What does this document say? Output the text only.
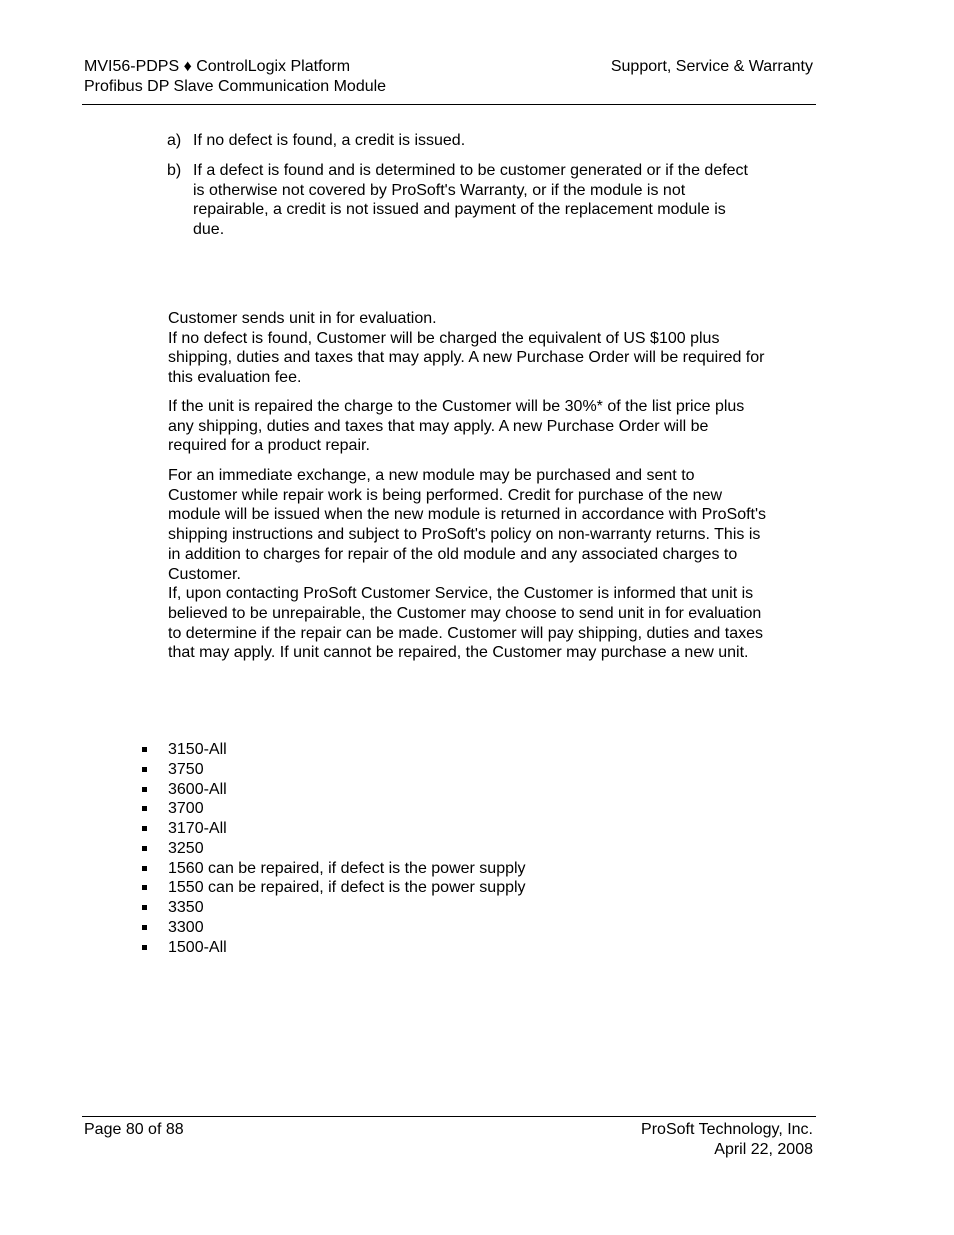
MVI56-PDPS ♦ ControlLogix Platform
Profibus DP Slave Communication Module
Support, Service & Warranty
a) If no defect is found, a credit is issued.
b) If a defect is found and is determined to be customer generated or if the defect is otherwise not covered by ProSoft's Warranty, or if the module is not repairable, a credit is not issued and payment of the replacement module is due.
Customer sends unit in for evaluation.
If no defect is found, Customer will be charged the equivalent of US $100 plus shipping, duties and taxes that may apply. A new Purchase Order will be required for this evaluation fee.
If the unit is repaired the charge to the Customer will be 30%* of the list price plus any shipping, duties and taxes that may apply. A new Purchase Order will be required for a product repair.
For an immediate exchange, a new module may be purchased and sent to Customer while repair work is being performed. Credit for purchase of the new module will be issued when the new module is returned in accordance with ProSoft's shipping instructions and subject to ProSoft's policy on non-warranty returns. This is in addition to charges for repair of the old module and any associated charges to Customer.
If, upon contacting ProSoft Customer Service, the Customer is informed that unit is believed to be unrepairable, the Customer may choose to send unit in for evaluation to determine if the repair can be made. Customer will pay shipping, duties and taxes that may apply. If unit cannot be repaired, the Customer may purchase a new unit.
3150-All
3750
3600-All
3700
3170-All
3250
1560 can be repaired, if defect is the power supply
1550 can be repaired, if defect is the power supply
3350
3300
1500-All
Page 80 of 88	ProSoft Technology, Inc.
April 22, 2008
